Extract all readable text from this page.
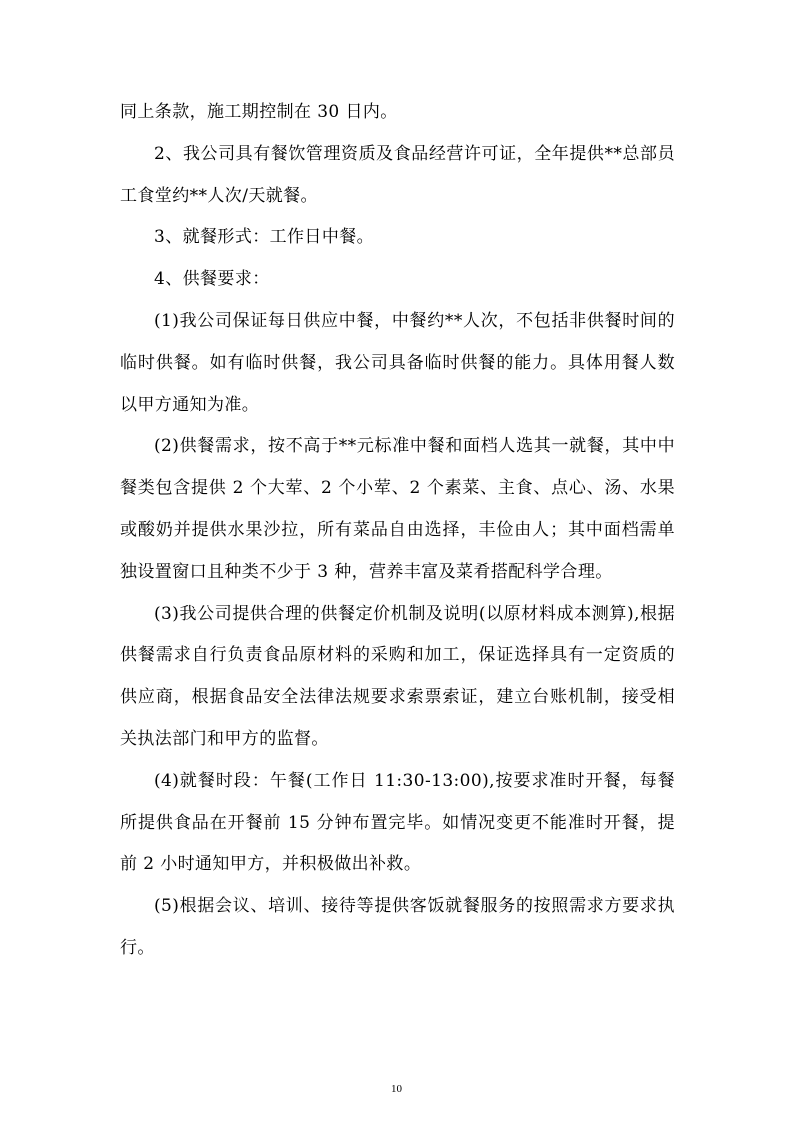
同上条款，施工期控制在 30 日内。

2、我公司具有餐饮管理资质及食品经营许可证，全年提供**总部员工食堂约**人次/天就餐。

3、就餐形式：工作日中餐。

4、供餐要求：

(1)我公司保证每日供应中餐，中餐约**人次，不包括非供餐时间的临时供餐。如有临时供餐，我公司具备临时供餐的能力。具体用餐人数以甲方通知为准。

(2)供餐需求，按不高于**元标准中餐和面档人选其一就餐，其中中餐类包含提供 2 个大荤、2 个小荤、2 个素菜、主食、点心、汤、水果或酸奶并提供水果沙拉，所有菜品自由选择，丰俭由人；其中面档需单独设置窗口且种类不少于 3 种，营养丰富及菜肴搭配科学合理。

(3)我公司提供合理的供餐定价机制及说明(以原材料成本测算),根据供餐需求自行负责食品原材料的采购和加工，保证选择具有一定资质的供应商，根据食品安全法律法规要求索票索证，建立台账机制，接受相关执法部门和甲方的监督。

(4)就餐时段：午餐(工作日 11:30-13:00),按要求准时开餐，每餐所提供食品在开餐前 15 分钟布置完毕。如情况变更不能准时开餐，提前 2 小时通知甲方，并积极做出补救。

(5)根据会议、培训、接待等提供客饭就餐服务的按照需求方要求执行。

10
